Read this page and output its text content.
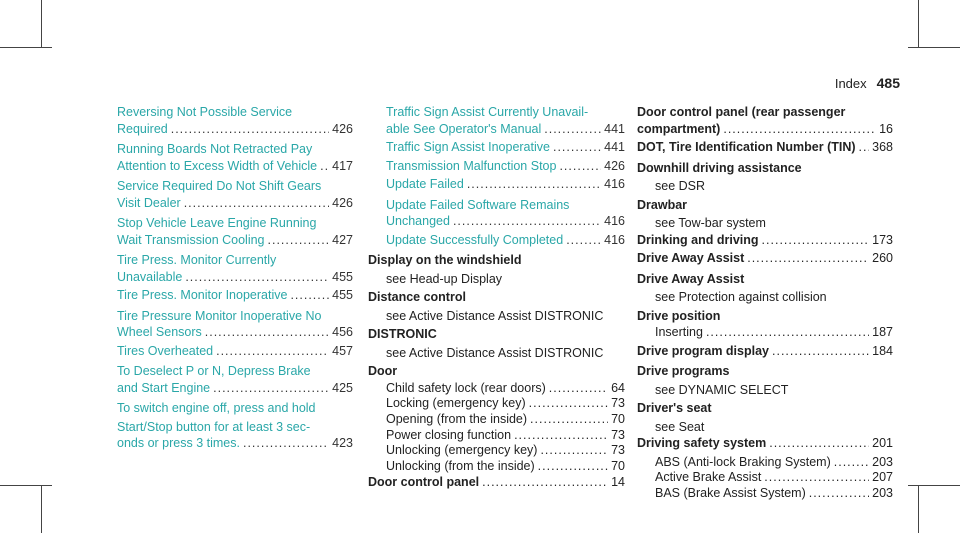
Index 485
Reversing Not Possible Service
Required .....	426
Running Boards Not Retracted Pay
Attention to Excess Width of Vehicle ..... 417
Service Required Do Not Shift Gears
Visit Dealer .....	426
Stop Vehicle Leave Engine Running
Wait Transmission Cooling .....	427
Tire Press. Monitor Currently
Unavailable .....	455
Tire Press. Monitor Inoperative .....	455
Tire Pressure Monitor Inoperative No
Wheel Sensors .....	456
Tires Overheated .....	457
To Deselect P or N, Depress Brake
and Start Engine .....	425
To switch engine off, press and hold
Start/Stop button for at least 3 sec-
onds or press 3 times. .....	423
Traffic Sign Assist Currently Unavail-
able See Operator's Manual .....	441
Traffic Sign Assist Inoperative .....	441
Transmission Malfunction Stop .....	426
Update Failed .....	416
Update Failed Software Remains
Unchanged .....	416
Update Successfully Completed .....	416
Display on the windshield
see Head-up Display
Distance control
see Active Distance Assist DISTRONIC
DISTRONIC
see Active Distance Assist DISTRONIC
Door
Child safety lock (rear doors) .....	64
Locking (emergency key) .....	73
Opening (from the inside) .....	70
Power closing function .....	73
Unlocking (emergency key) .....	73
Unlocking (from the inside) .....	70
Door control panel .....	14
Door control panel (rear passenger
compartment) .....	16
DOT, Tire Identification Number (TIN) ..... 368
Downhill driving assistance
see DSR
Drawbar
see Tow-bar system
Drinking and driving .....	173
Drive Away Assist .....	260
Drive Away Assist
see Protection against collision
Drive position
Inserting .....	187
Drive program display .....	184
Drive programs
see DYNAMIC SELECT
Driver's seat
see Seat
Driving safety system .....	201
ABS (Anti-lock Braking System) .....	203
Active Brake Assist .....	207
BAS (Brake Assist System) .....	203
